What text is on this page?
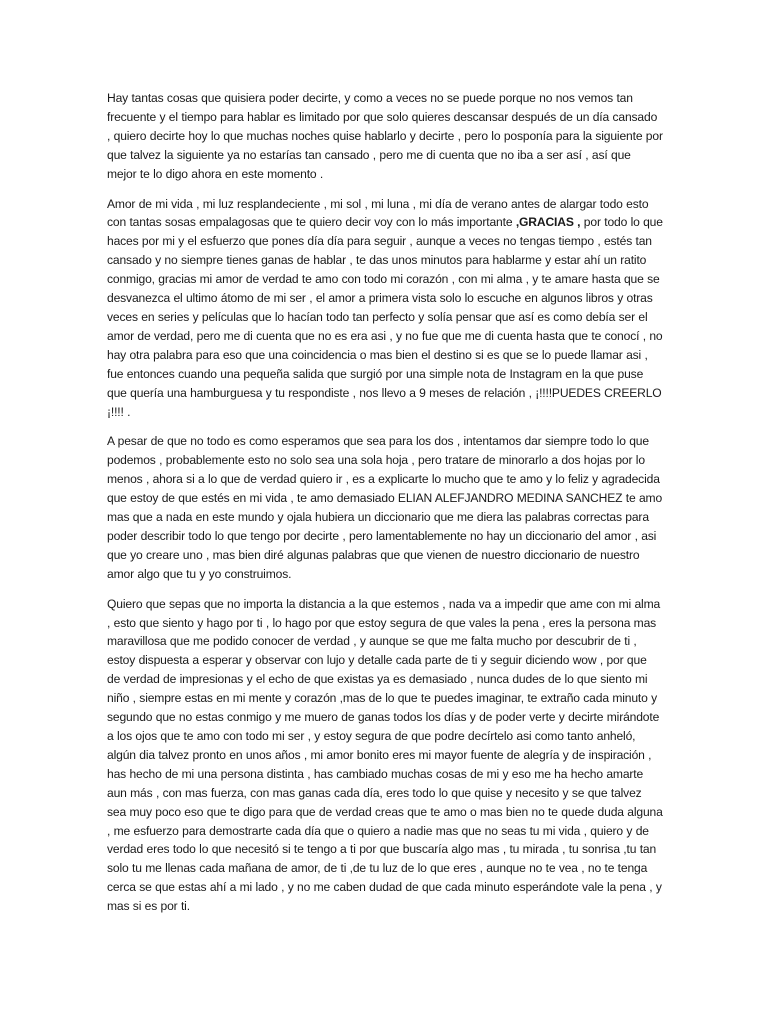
Hay tantas cosas que quisiera poder decirte, y como a veces no se puede porque no nos vemos tan frecuente y el tiempo para hablar es limitado por que solo quieres descansar después de un día cansado , quiero decirte hoy lo que muchas noches quise hablarlo y decirte , pero lo posponía para la siguiente por que talvez la siguiente ya no estarías tan cansado , pero me di cuenta que no iba a ser así , así que mejor te lo digo ahora en este momento .

Amor de mi vida , mi luz resplandeciente , mi sol , mi luna , mi día de verano antes de alargar todo esto con tantas sosas empalagosas que te quiero decir voy con lo más importante ,GRACIAS , por todo lo que haces por mi y el esfuerzo que pones día día para seguir , aunque a veces no tengas tiempo , estés tan cansado y no siempre tienes ganas de hablar , te das unos minutos para hablarme y estar ahí un ratito conmigo, gracias mi amor de verdad te amo con todo mi corazón , con mi alma , y te amare hasta que se desvanezca el ultimo átomo de mi ser , el amor a primera vista solo lo escuche en algunos libros y otras veces en series y películas que lo hacían todo tan perfecto y solía pensar que así es como debía ser el amor de verdad, pero me di cuenta que no es era asi , y no fue que me di cuenta hasta que te conocí , no hay otra palabra para eso que una coincidencia o mas bien el destino si es que se lo puede llamar asi , fue entonces cuando una pequeña salida que surgió por una simple nota de Instagram en la que puse que quería una hamburguesa y tu respondiste , nos llevo a 9 meses de relación , ¡!!!!PUEDES CREERLO ¡!!!! .

A pesar de que no todo es como esperamos que sea para los dos , intentamos dar siempre todo lo que podemos , probablemente esto no solo sea una sola hoja , pero tratare de minorarlo a dos hojas por lo menos , ahora si a lo que de verdad quiero ir , es a explicarte lo mucho que te amo y lo feliz y agradecida que estoy de que estés en mi vida , te amo demasiado ELIAN ALEFJANDRO MEDINA SANCHEZ te amo mas que a nada en este mundo y ojala hubiera un diccionario que me diera las palabras correctas para poder describir todo lo que tengo por decirte , pero lamentablemente no hay un diccionario del amor , asi que yo creare uno , mas bien diré algunas palabras que que vienen de nuestro diccionario de nuestro amor algo que tu y yo construimos.

Quiero que sepas que no importa la distancia a la que estemos , nada va a impedir que ame con mi alma , esto que siento y hago por ti , lo hago por que estoy segura de que vales la pena , eres la persona mas maravillosa que me podido conocer de verdad , y aunque se que me falta mucho por descubrir de ti , estoy dispuesta a esperar y observar con lujo y detalle cada parte de ti y seguir diciendo wow , por que de verdad de impresionas y el echo de que existas ya es demasiado , nunca dudes de lo que siento mi niño , siempre estas en mi mente y corazón ,mas de lo que te puedes imaginar, te extraño cada minuto y segundo que no estas conmigo y me muero de ganas todos los días y de poder verte y decirte mirándote a los ojos que te amo con todo mi ser , y estoy segura de que podre decírtelo asi como tanto anheló, algún dia talvez pronto en unos años , mi amor bonito eres mi mayor fuente de alegría y de inspiración , has hecho de mi una persona distinta , has cambiado muchas cosas de mi y eso me ha hecho amarte aun más , con mas fuerza, con mas ganas cada día, eres todo lo que quise y necesito y se que talvez sea muy poco eso que te digo para que de verdad creas que te amo o mas bien no te quede duda alguna , me esfuerzo para demostrarte cada día que o quiero a nadie mas que no seas tu mi vida , quiero y de verdad eres todo lo que necesitó si te tengo a ti por que buscaría algo mas , tu mirada , tu sonrisa ,tu tan solo tu me llenas cada mañana de amor, de ti ,de tu luz de lo que eres , aunque no te vea , no te tenga cerca se que estas ahí a mi lado , y no me caben dudad de que cada minuto esperándote vale la pena , y mas si es por ti.
